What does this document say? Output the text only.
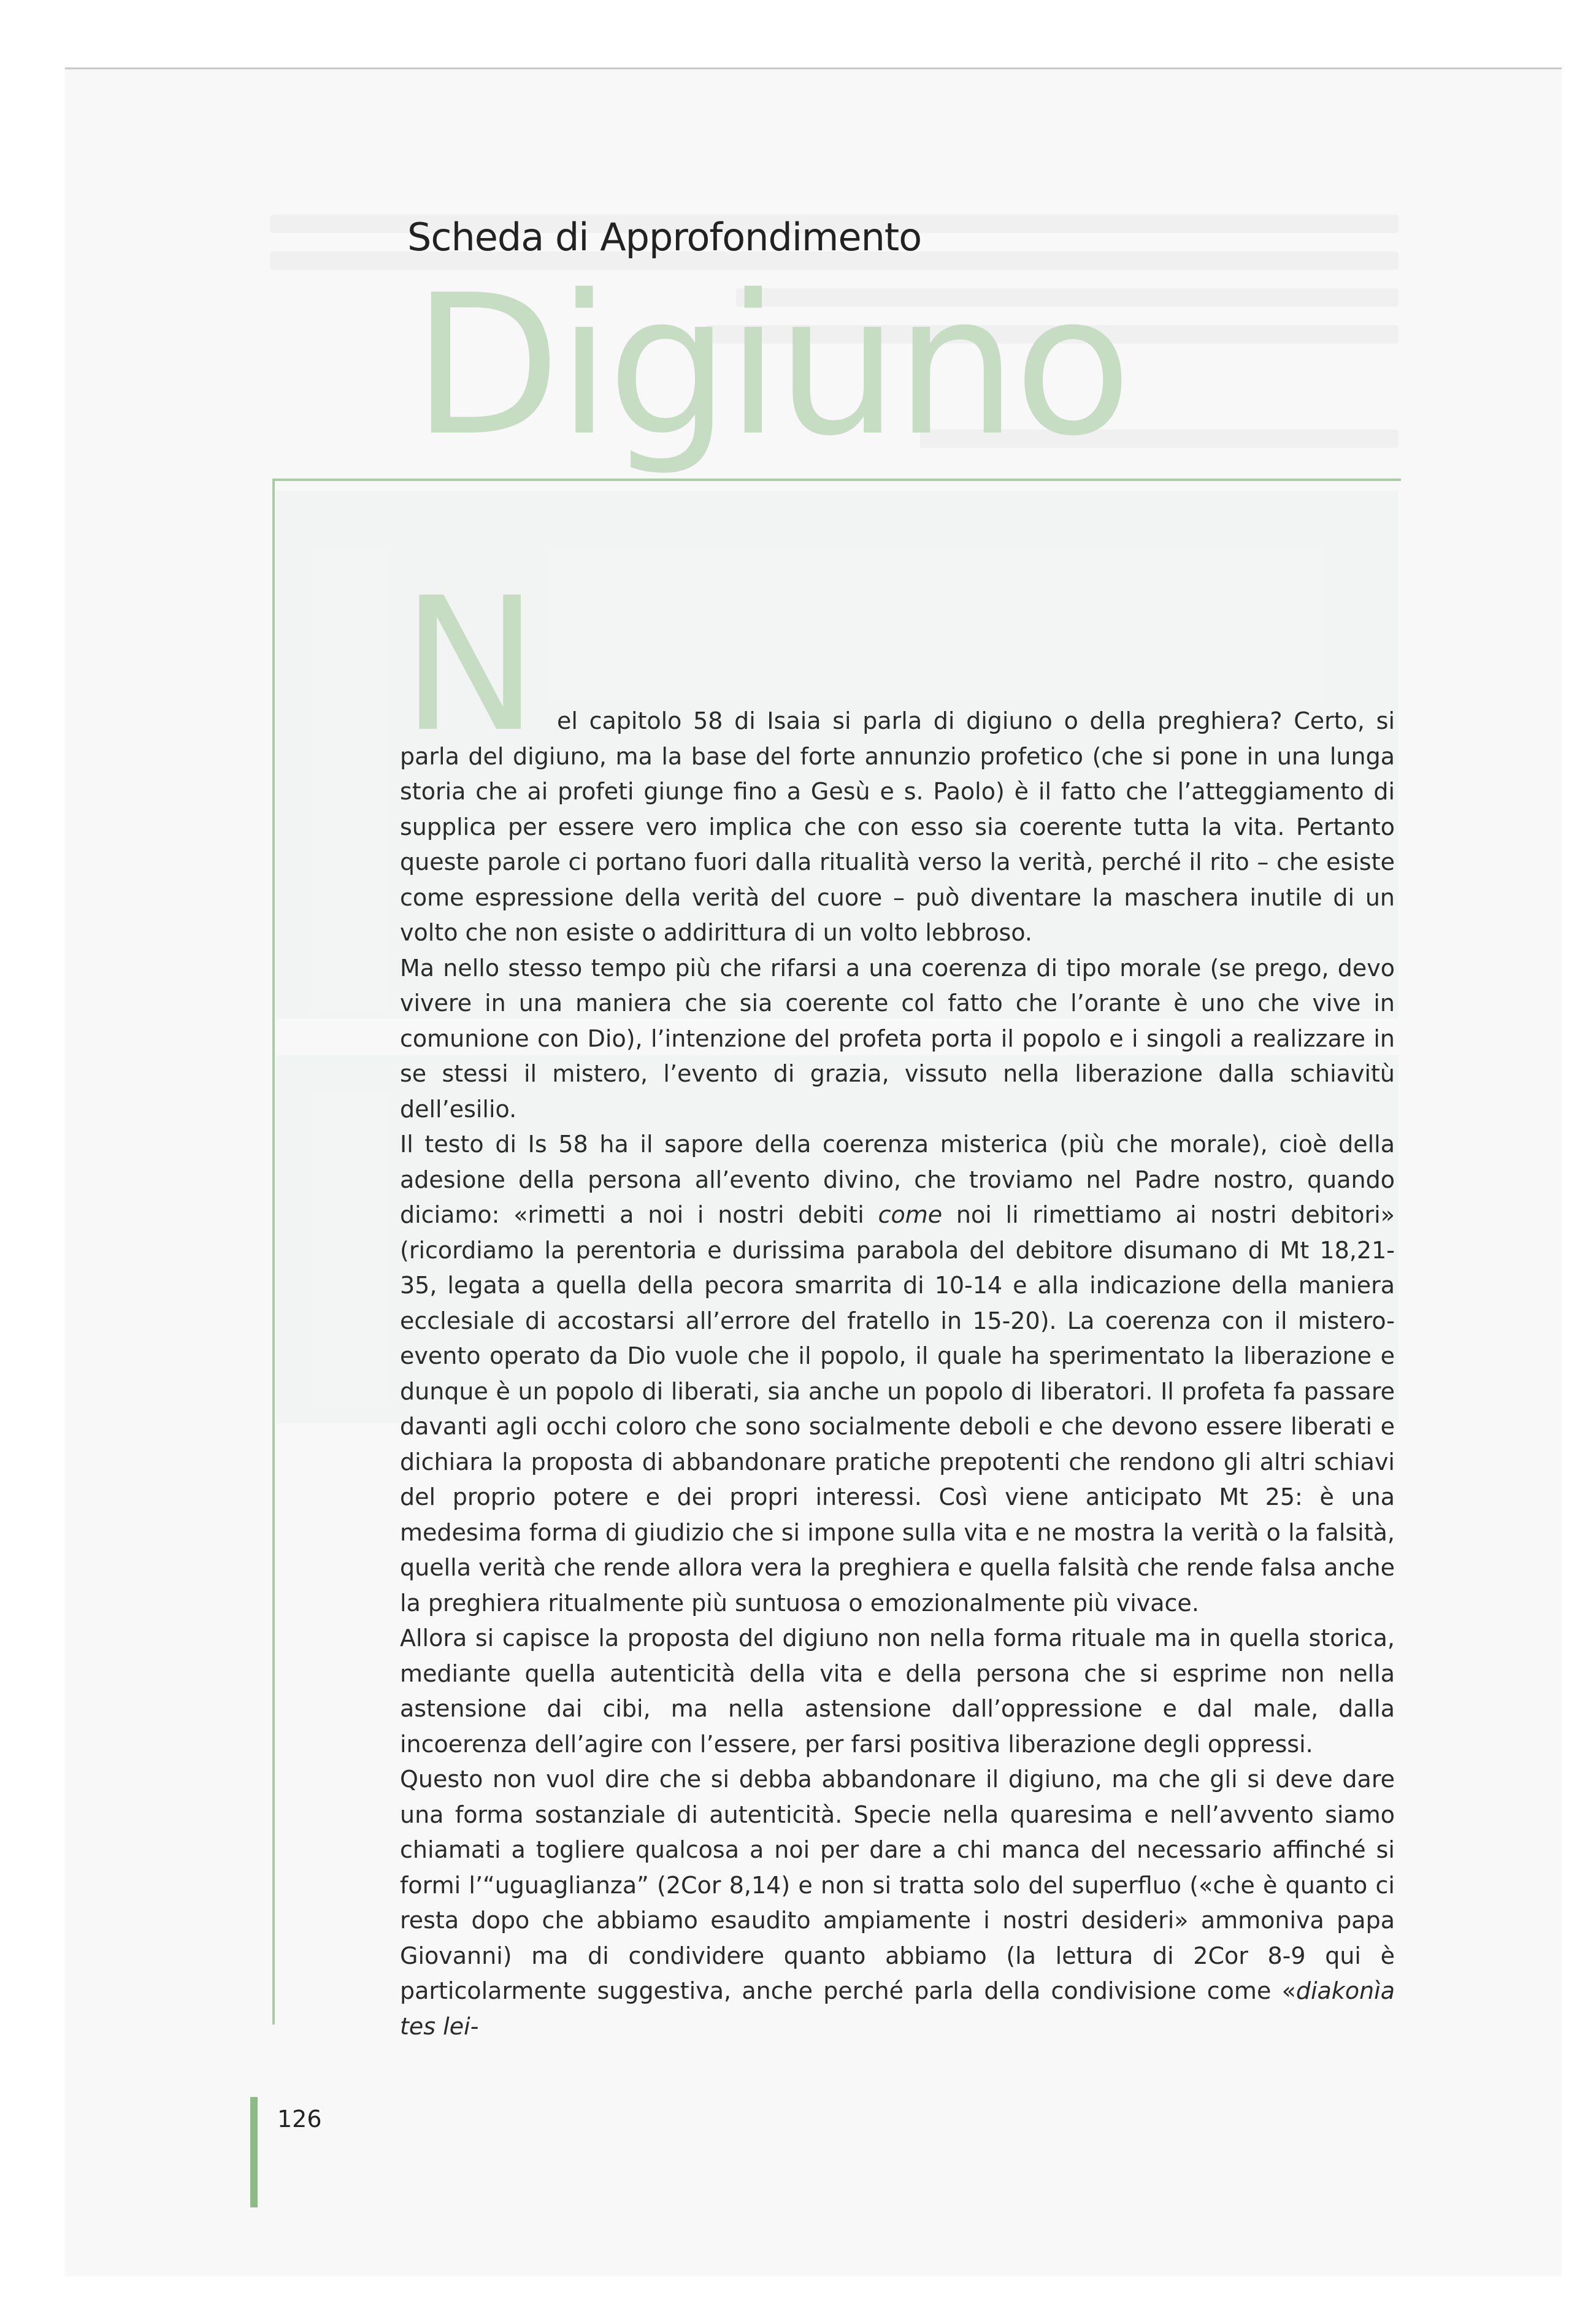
Scheda di Approfondimento
Digiuno
N el capitolo 58 di Isaia si parla di digiuno o della preghiera? Certo, si parla del digiuno, ma la base del forte annunzio profetico (che si pone in una lunga storia che ai profeti giunge fino a Gesù e s. Paolo) è il fatto che l’atteggiamento di supplica per essere vero implica che con esso sia coerente tutta la vita. Pertanto queste parole ci portano fuori dalla ritualità verso la verità, perché il rito – che esiste come espressione della verità del cuore – può diventare la maschera inutile di un volto che non esiste o addirittura di un volto lebbroso.

Ma nello stesso tempo più che rifarsi a una coerenza di tipo morale (se prego, devo vivere in una maniera che sia coerente col fatto che l’orante è uno che vive in comunione con Dio), l’intenzione del profeta porta il popolo e i singoli a realizzare in se stessi il mistero, l’evento di grazia, vissuto nella liberazione dalla schiavitù dell’esilio.

Il testo di Is 58 ha il sapore della coerenza misterica (più che morale), cioè della adesione della persona all’evento divino, che troviamo nel Padre nostro, quando diciamo: «rimetti a noi i nostri debiti come noi li rimettiamo ai nostri debitori» (ricordiamo la perentoria e durissima parabola del debitore disumano di Mt 18,21-35, legata a quella della pecora smarrita di 10-14 e alla indicazione della maniera ecclesiale di accostarsi all’errore del fratello in 15-20). La coerenza con il mistero-evento operato da Dio vuole che il popolo, il quale ha sperimentato la liberazione e dunque è un popolo di liberati, sia anche un popolo di liberatori. Il profeta fa passare davanti agli occhi coloro che sono socialmente deboli e che devono essere liberati e dichiara la proposta di abbandonare pratiche prepotenti che rendono gli altri schiavi del proprio potere e dei propri interessi. Così viene anticipato Mt 25: è una medesima forma di giudizio che si impone sulla vita e ne mostra la verità o la falsità, quella verità che rende allora vera la preghiera e quella falsità che rende falsa anche la preghiera ritualmente più suntuosa o emozionalmente più vivace.

Allora si capisce la proposta del digiuno non nella forma rituale ma in quella storica, mediante quella autenticità della vita e della persona che si esprime non nella astensione dai cibi, ma nella astensione dall’oppressione e dal male, dalla incoerenza dell’agire con l’essere, per farsi positiva liberazione degli oppressi.

Questo non vuol dire che si debba abbandonare il digiuno, ma che gli si deve dare una forma sostanziale di autenticità. Specie nella quaresima e nell’avvento siamo chiamati a togliere qualcosa a noi per dare a chi manca del necessario affinché si formi l’“uguaglianza” (2Cor 8,14) e non si tratta solo del superfluo («che è quanto ci resta dopo che abbiamo esaudito ampiamente i nostri desideri» ammoniva papa Giovanni) ma di condividere quanto abbiamo (la lettura di 2Cor 8-9 qui è particolarmente suggestiva, anche perché parla della condivisione come «diakonìa tes lei-

126
